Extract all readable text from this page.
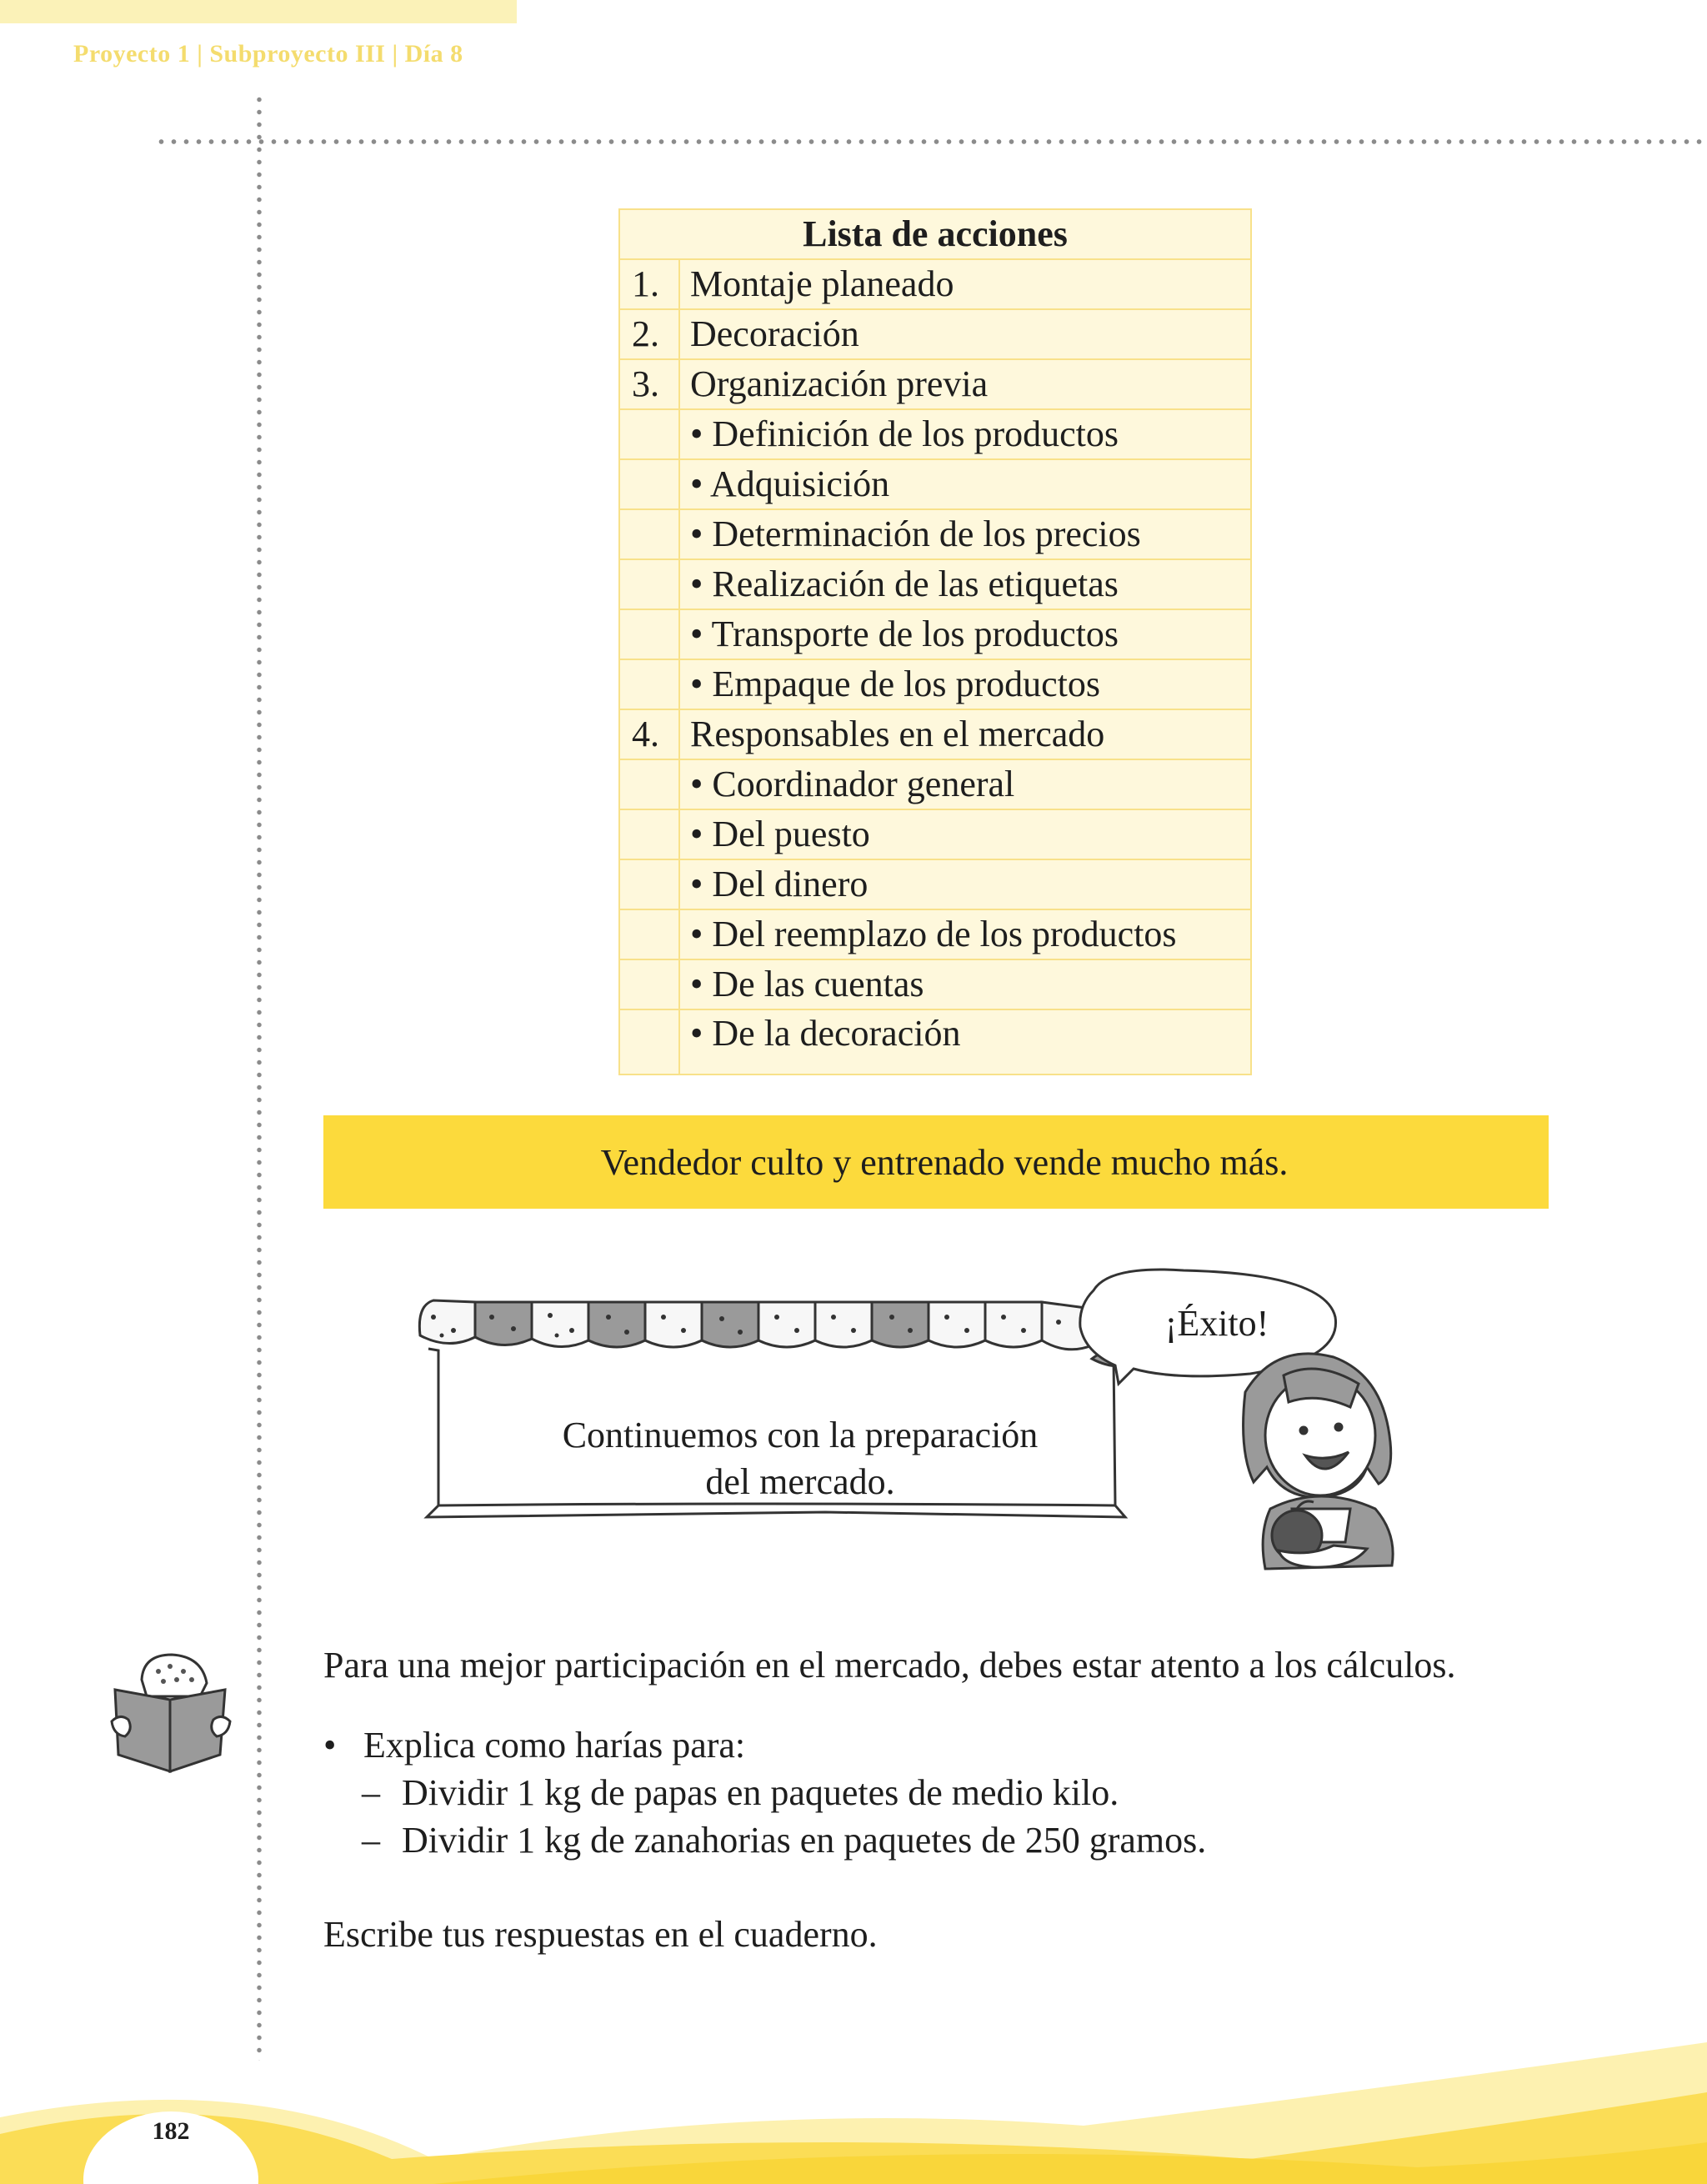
Proyecto 1 | Subproyecto III | Día 8
Lista de acciones	
1.	Montaje planeado
2.	Decoración
3.	Organización previa
	• Definición de los productos
	• Adquisición
	• Determinación de los precios
	• Realización de las etiquetas
	• Transporte de los productos
	• Empaque de los productos
4.	Responsables en el mercado
	• Coordinador general
	• Del puesto
	• Del dinero
	• Del reemplazo de los productos
	• De las cuentas
	• De la decoración
Vendedor culto y entrenado vende mucho más.
Continuemos con la preparación
del mercado.
¡Éxito!
Para una mejor participación en el mercado, debes estar atento a los cálculos.
• Explica como harías para:
– Dividir 1 kg de papas en paquetes de medio kilo.
– Dividir 1 kg de zanahorias en paquetes de 250 gramos.
Escribe tus respuestas en el cuaderno.
182
